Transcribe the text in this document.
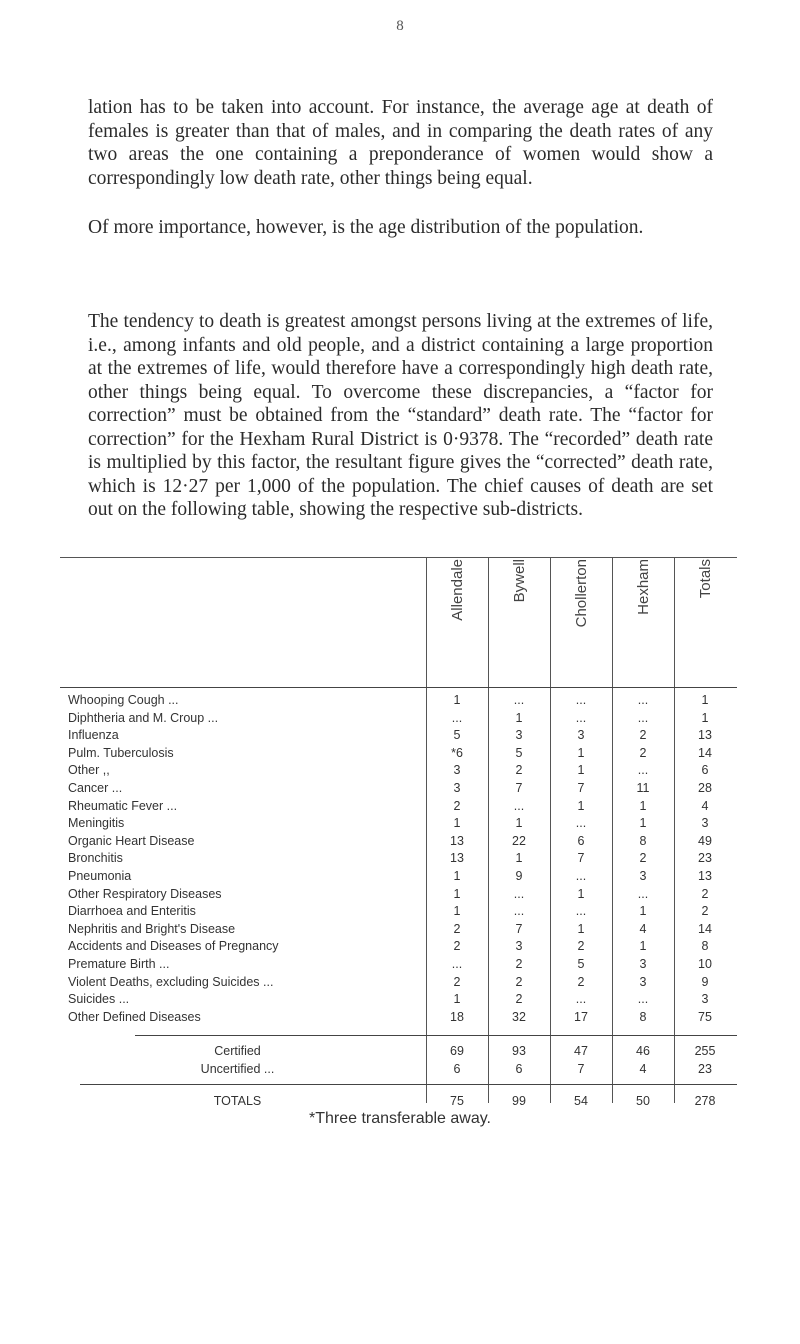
8

lation has to be taken into account. For instance, the average age at death of females is greater than that of males, and in comparing the death rates of any two areas the one containing a preponderance of women would show a correspondingly low death rate, other things being equal.

Of more importance, however, is the age distribution of the population.

The tendency to death is greatest amongst persons living at the extremes of life, i.e., among infants and old people, and a district containing a large proportion at the extremes of life, would therefore have a correspondingly high death rate, other things being equal. To overcome these discrepancies, a “factor for correction” must be obtained from the “standard” death rate. The “factor for correction” for the Hexham Rural District is 0·9378. The “recorded” death rate is multiplied by this factor, the resultant figure gives the “corrected” death rate, which is 12·27 per 1,000 of the population. The chief causes of death are set out on the following table, showing the respective sub-districts.

Allendale	Bywell	Chollerton	Hexham	Totals
Whooping Cough ...	1	...	...	...	1
Diphtheria and M. Croup ...	...	1	...	...	1
Influenza	5	3	3	2	13
Pulm. Tuberculosis	*6	5	1	2	14
Other ,,	3	2	1	...	6
Cancer ...	3	7	7	11	28
Rheumatic Fever ...	2	...	1	1	4
Meningitis	1	1	...	1	3
Organic Heart Disease	13	22	6	8	49
Bronchitis	13	1	7	2	23
Pneumonia	1	9	...	3	13
Other Respiratory Diseases	1	...	1	...	2
Diarrhoea and Enteritis	1	...	...	1	2
Nephritis and Bright's Disease	2	7	1	4	14
Accidents and Diseases of Pregnancy	2	3	2	1	8
Premature Birth ...	...	2	5	3	10
Violent Deaths, excluding Suicides ...	2	2	2	3	9
Suicides ...	1	2	...	...	3
Other Defined Diseases	18	32	17	8	75
Certified	69	93	47	46	255
Uncertified ...	6	6	7	4	23
TOTALS	75	99	54	50	278
*Three transferable away.
